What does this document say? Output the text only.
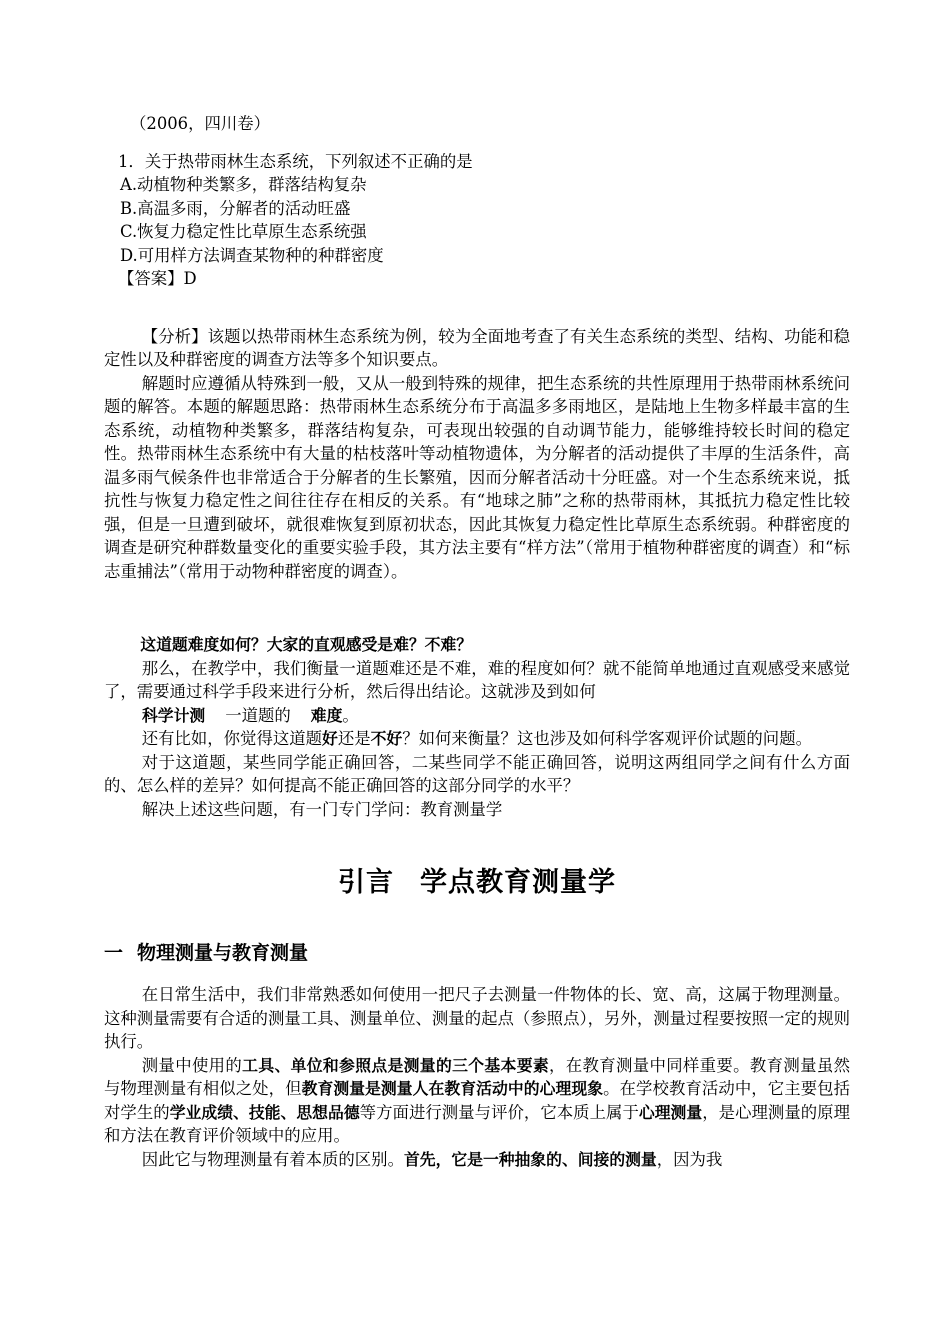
（2006，四川卷）

1．关于热带雨林生态系统，下列叙述不正确的是

A.动植物种类繁多，群落结构复杂

B.高温多雨，分解者的活动旺盛

C.恢复力稳定性比草原生态系统强

D.可用样方法调查某物种的种群密度

【答案】D

【分析】该题以热带雨林生态系统为例，较为全面地考查了有关生态系统的类型、结构、功能和稳定性以及种群密度的调查方法等多个知识要点。

解题时应遵循从特殊到一般，又从一般到特殊的规律，把生态系统的共性原理用于热带雨林系统问题的解答。本题的解题思路：热带雨林生态系统分布于高温多多雨地区，是陆地上生物多样最丰富的生态系统，动植物种类繁多，群落结构复杂，可表现出较强的自动调节能力，能够维持较长时间的稳定性。热带雨林生态系统中有大量的枯枝落叶等动植物遗体，为分解者的活动提供了丰厚的生活条件，高温多雨气候条件也非常适合于分解者的生长繁殖，因而分解者活动十分旺盛。对一个生态系统来说，抵抗性与恢复力稳定性之间往往存在相反的关系。有“地球之肺”之称的热带雨林，其抵抗力稳定性比较强，但是一旦遭到破坏，就很难恢复到原初状态，因此其恢复力稳定性比草原生态系统弱。种群密度的调查是研究种群数量变化的重要实验手段，其方法主要有“样方法”（常用于植物种群密度的调查）和“标志重捕法”（常用于动物种群密度的调查）。

这道题难度如何？大家的直观感受是难？不难？

那么，在教学中，我们衡量一道题难还是不难，难的程度如何？就不能简单地通过直观感受来感觉了，需要通过科学手段来进行分析，然后得出结论。这就涉及到如何

科学计测 一道题的 难度。

还有比如，你觉得这道题好还是不好？如何来衡量？这也涉及如何科学客观评价试题的问题。

对于这道题，某些同学能正确回答，二某些同学不能正确回答，说明这两组同学之间有什么方面的、怎么样的差异？如何提高不能正确回答的这部分同学的水平？

解决上述这些问题，有一门专门学问：教育测量学

引言 学点教育测量学
一 物理测量与教育测量

在日常生活中，我们非常熟悉如何使用一把尺子去测量一件物体的长、宽、高，这属于物理测量。这种测量需要有合适的测量工具、测量单位、测量的起点（参照点），另外，测量过程要按照一定的规则执行。

测量中使用的工具、单位和参照点是测量的三个基本要素，在教育测量中同样重要。教育测量虽然与物理测量有相似之处，但教育测量是测量人在教育活动中的心理现象。在学校教育活动中，它主要包括对学生的学业成绩、技能、思想品德等方面进行测量与评价，它本质上属于心理测量，是心理测量的原理和方法在教育评价领域中的应用。

因此它与物理测量有着本质的区别。首先，它是一种抽象的、间接的测量，因为我
